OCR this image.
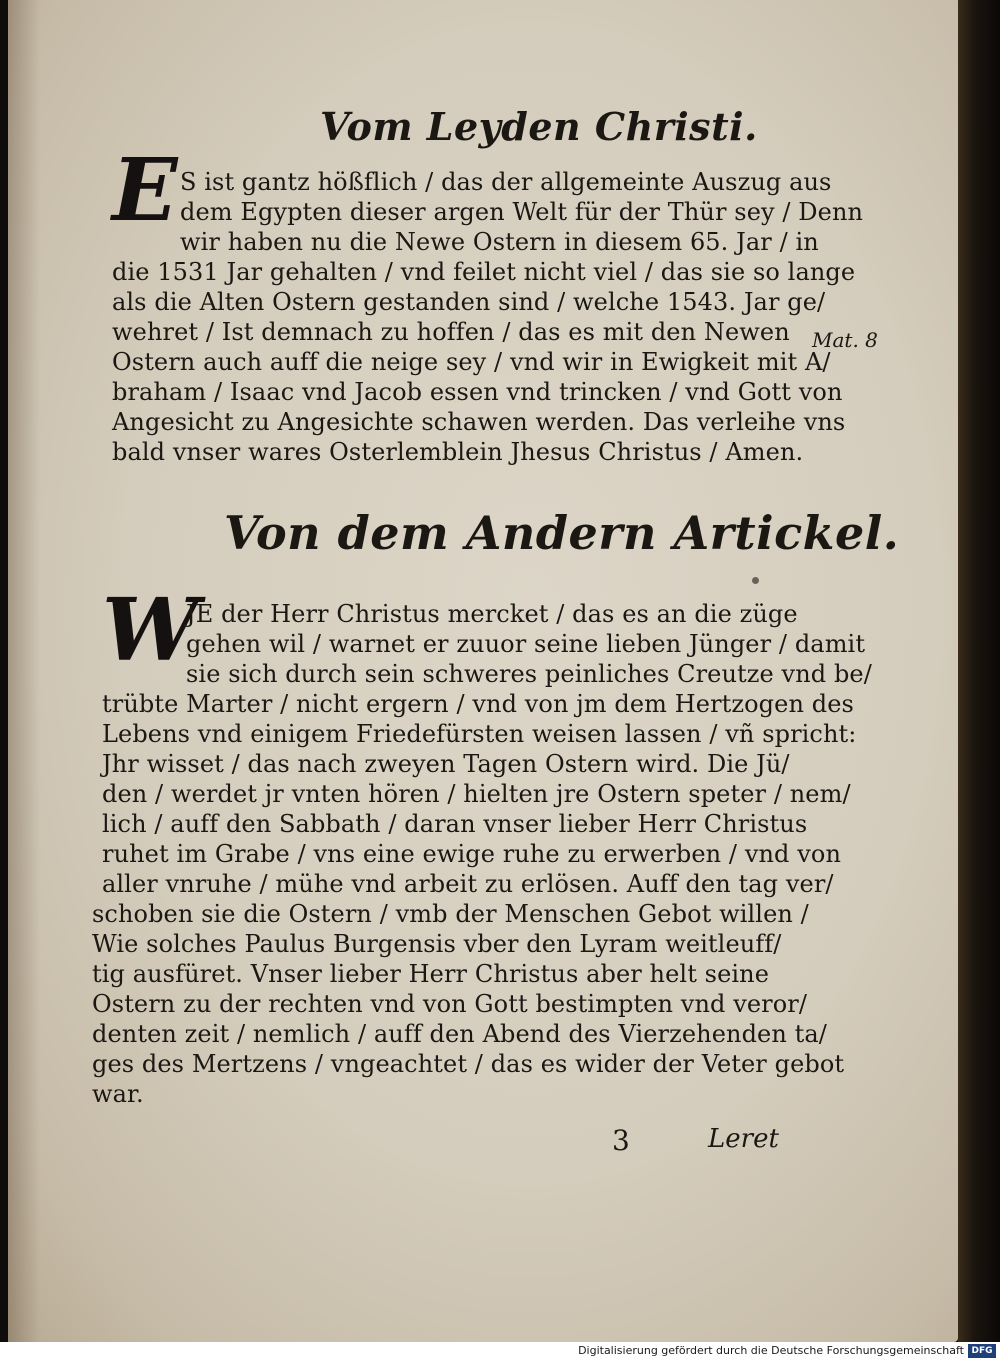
Vom Leyden Christi.
E S ist gantz hößflich / das der allgemeinte Auszug aus
dem Egypten dieser argen Welt für der Thür sey / Denn
wir haben nu die Newe Ostern in diesem 65. Jar / in
die 1531 Jar gehalten / vnd feilet nicht viel / das sie so lange
als die Alten Ostern gestanden sind / welche 1543. Jar ge/
wehret / Ist demnach zu hoffen / das es mit den Newen
Ostern auch auff die neige sey / vnd wir in Ewigkeit mit A/
braham / Isaac vnd Jacob essen vnd trincken / vnd Gott von
Angesicht zu Angesichte schawen werden. Das verleihe vns
bald vnser wares Osterlemblein Jhesus Christus / Amen.
Mat. 8
Von dem Andern Artickel.
W
JE der Herr Christus mercket / das es an die züge
gehen wil / warnet er zuuor seine lieben Jünger / damit
sie sich durch sein schweres peinliches Creutze vnd be/
trübte Marter / nicht ergern / vnd von jm dem Hertzogen des
Lebens vnd einigem Friedefürsten weisen lassen / vñ spricht:
Jhr wisset / das nach zweyen Tagen Ostern wird. Die Jü/
den / werdet jr vnten hören / hielten jre Ostern speter / nem/
lich / auff den Sabbath / daran vnser lieber Herr Christus
ruhet im Grabe / vns eine ewige ruhe zu erwerben / vnd von
aller vnruhe / mühe vnd arbeit zu erlösen. Auff den tag ver/
schoben sie die Ostern / vmb der Menschen Gebot willen /
Wie solches Paulus Burgensis vber den Lyram weitleuff/
tig ausfüret. Vnser lieber Herr Christus aber helt seine
Ostern zu der rechten vnd von Gott bestimpten vnd veror/
denten zeit / nemlich / auff den Abend des Vierzehenden ta/
ges des Mertzens / vngeachtet / das es wider der Veter gebot
war.
3	Leret
Digitalisierung gefördert durch die Deutsche Forschungsgemeinschaft DFG
